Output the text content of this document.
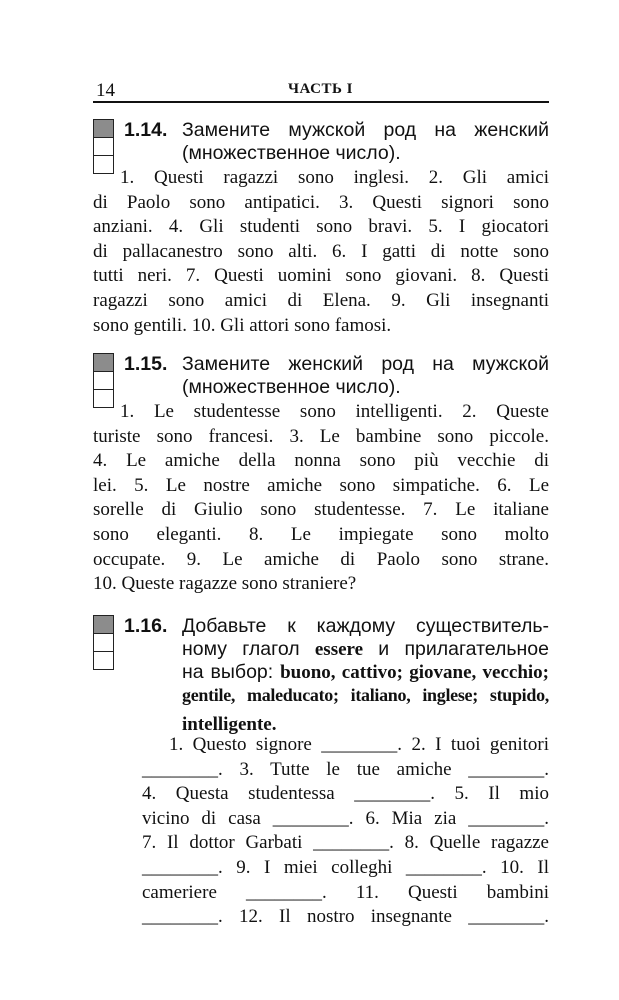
14	ЧАСТЬ I
1.14. Замените мужской род на женский
(множественное число).
1. Questi ragazzi sono inglesi. 2. Gli amici
di Paolo sono antipatici. 3. Questi signori sono
anziani. 4. Gli studenti sono bravi. 5. I giocatori
di pallacanestro sono alti. 6. I gatti di notte sono
tutti neri. 7. Questi uomini sono giovani. 8. Questi
ragazzi sono amici di Elena. 9. Gli insegnanti
sono gentili. 10. Gli attori sono famosi.
1.15. Замените женский род на мужской
(множественное число).
1. Le studentesse sono intelligenti. 2. Queste
turiste sono francesi. 3. Le bambine sono piccole.
4. Le amiche della nonna sono più vecchie di
lei. 5. Le nostre amiche sono simpatiche. 6. Le
sorelle di Giulio sono studentesse. 7. Le italiane
sono eleganti. 8. Le impiegate sono molto
occupate. 9. Le amiche di Paolo sono strane.
10. Queste ragazze sono straniere?
1.16. Добавьте к каждому существитель-
ному глагол essere и прилагательное
на выбор: buono, cattivo; giovane, vecchio;
gentile, maleducato; italiano, inglese; stupido,
intelligente.
1. Questo signore ________. 2. I tuoi genitori
________. 3. Tutte le tue amiche ________.
4. Questa studentessa ________. 5. Il mio
vicino di casa ________. 6. Mia zia ________.
7. Il dottor Garbati ________. 8. Quelle ragazze
________. 9. I miei colleghi ________. 10. Il
cameriere ________. 11. Questi bambini
________. 12. Il nostro insegnante ________.
